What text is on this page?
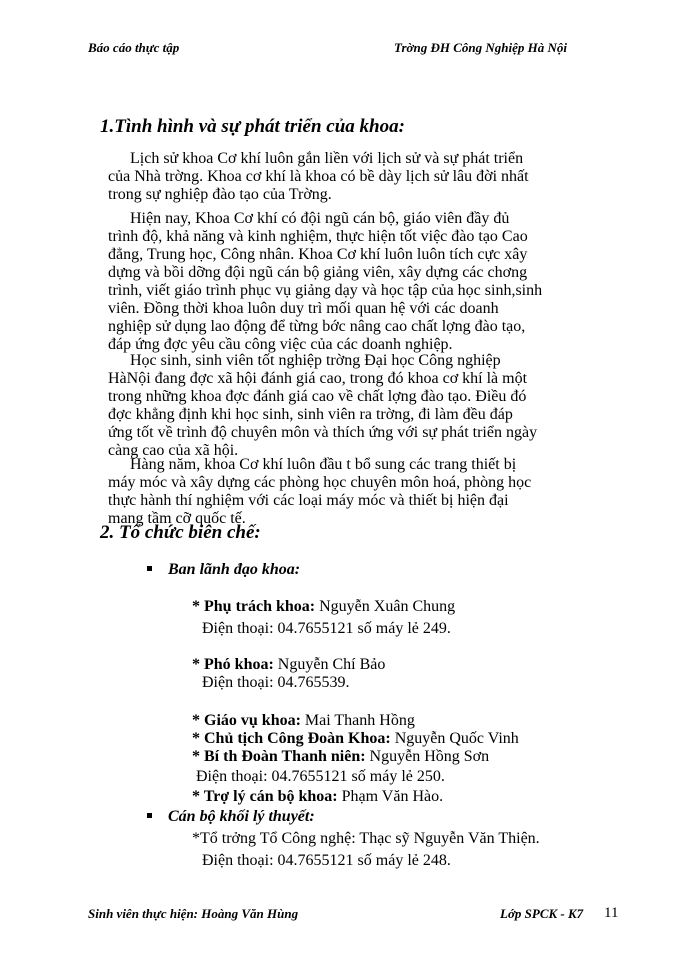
Báo cáo thực tập	Trờng ĐH Công Nghiệp Hà Nội
1.Tình hình và sự phát triển của khoa:
Lịch sử khoa Cơ khí luôn gắn liền với lịch sử và sự phát triển
của Nhà trờng. Khoa cơ khí là khoa có bề dày lịch sử lâu đời nhất
trong sự nghiệp đào tạo của Trờng.
Hiện nay, Khoa Cơ khí có đội ngũ cán bộ, giáo viên đầy đủ
trình độ, khả năng và kinh nghiệm, thực hiện tốt việc đào tạo Cao
đẳng, Trung học, Công nhân. Khoa Cơ khí luôn luôn tích cực xây
dựng và bồi dỡng đội ngũ cán bộ giảng viên, xây dựng các chơng
trình, viết giáo trình phục vụ giảng dạy và học tập của học sinh,sinh
viên. Đồng thời khoa luôn duy trì mối quan hệ với các doanh
nghiệp sử dụng lao động để từng bớc nâng cao chất lợng đào tạo,
đáp ứng đợc yêu cầu công việc của các doanh nghiệp.
Học sinh, sinh viên tốt nghiệp trờng Đại học Công nghiệp
HàNội đang đợc xã hội đánh giá cao, trong đó khoa cơ khí là một
trong những khoa đợc đánh giá cao về chất lợng đào tạo. Điều đó
đợc khẳng định khi học sinh, sinh viên ra trờng, đi làm đều đáp
ứng tốt về trình độ chuyên môn và thích ứng với sự phát triển ngày
càng cao của xã hội.
Hàng năm, khoa Cơ khí luôn đầu t bổ sung các trang thiết bị
máy móc và xây dựng các phòng học chuyên môn hoá, phòng học
thực hành thí nghiệm với các loại máy móc và thiết bị hiện đại
mang tầm cỡ quốc tế.
2. Tổ chức biên chế:
Ban lãnh đạo khoa:
* Phụ trách khoa: Nguyễn Xuân Chung
Điện thoại: 04.7655121 số máy lẻ 249.
* Phó khoa: Nguyễn Chí Bảo
Điện thoại: 04.765539.
* Giáo vụ khoa: Mai Thanh Hồng
* Chủ tịch Công Đoàn Khoa: Nguyễn Quốc Vinh
* Bí th Đoàn Thanh niên: Nguyễn Hồng Sơn
Điện thoại: 04.7655121 số máy lẻ 250.
* Trợ lý cán bộ khoa: Phạm Văn Hào.
Cán bộ khối lý thuyết:
*Tổ trởng Tổ Công nghệ: Thạc sỹ Nguyễn Văn Thiện.
Điện thoại: 04.7655121 số máy lẻ 248.
Sinh viên thực hiện: Hoàng Văn Hùng	Lớp SPCK - K7 11
